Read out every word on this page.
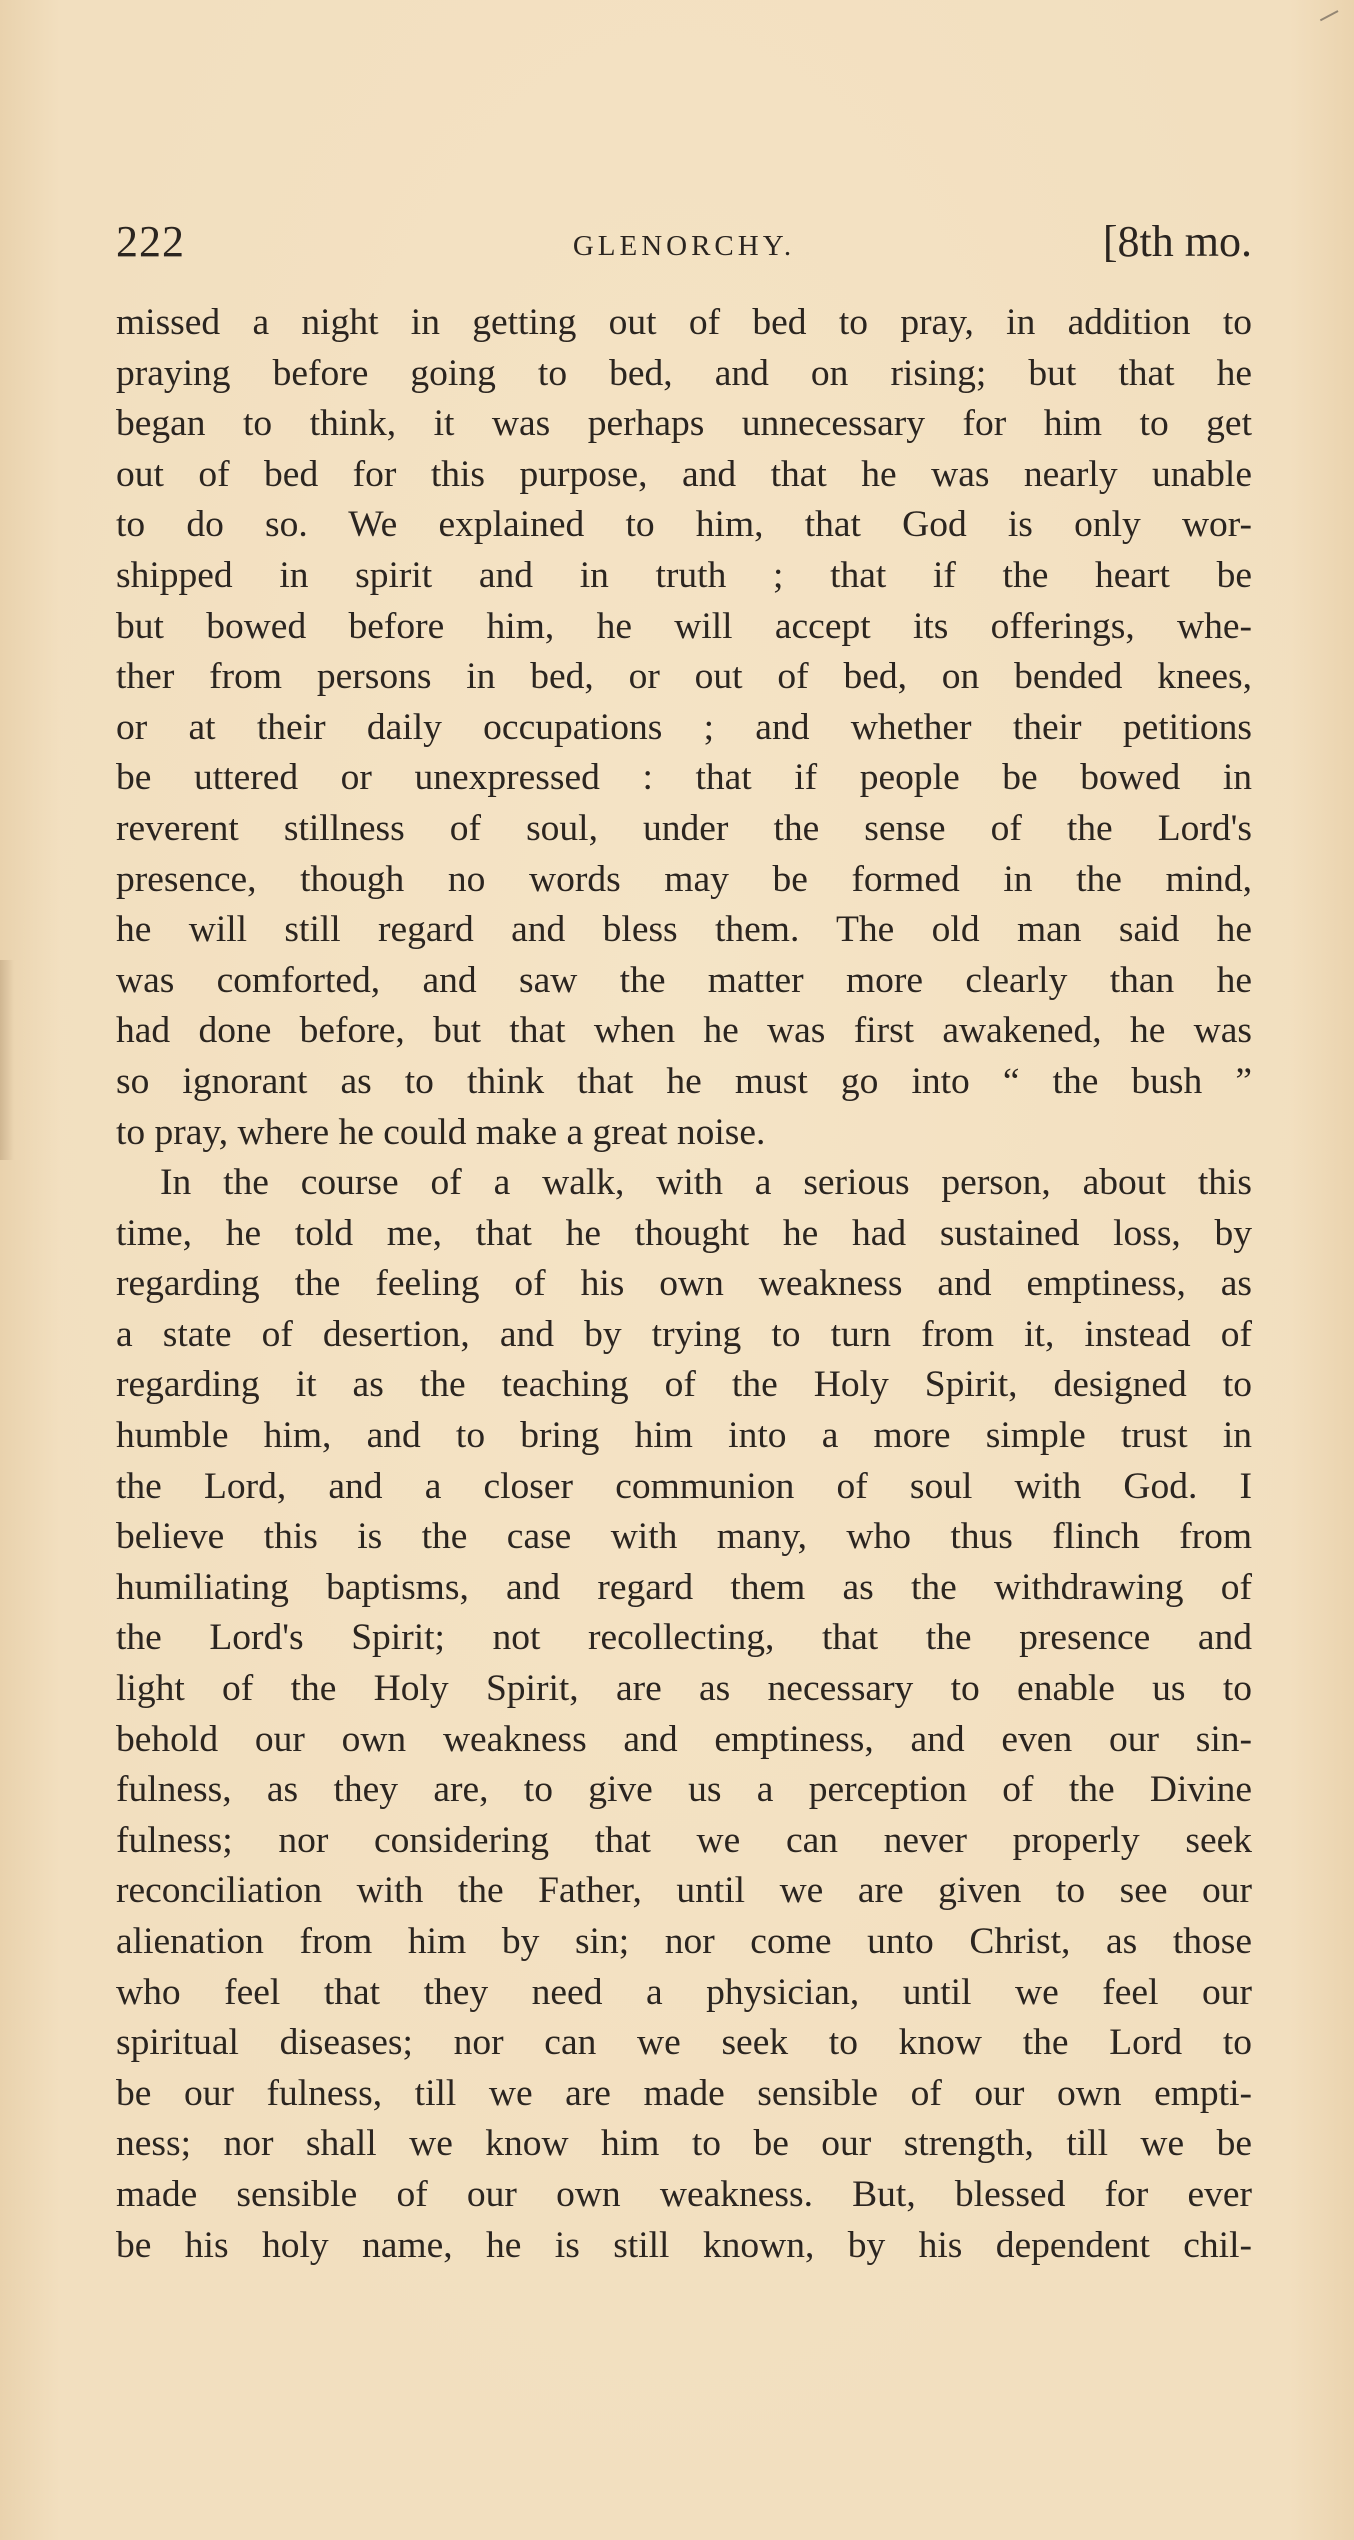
222	GLENORCHY.	[8th mo.
missed a night in getting out of bed to pray, in addition to
praying before going to bed, and on rising; but that he
began to think, it was perhaps unnecessary for him to get
out of bed for this purpose, and that he was nearly unable
to do so. We explained to him, that God is only wor-
shipped in spirit and in truth ; that if the heart be
but bowed before him, he will accept its offerings, whe-
ther from persons in bed, or out of bed, on bended knees,
or at their daily occupations ; and whether their petitions
be uttered or unexpressed : that if people be bowed in
reverent stillness of soul, under the sense of the Lord's
presence, though no words may be formed in the mind,
he will still regard and bless them. The old man said he
was comforted, and saw the matter more clearly than he
had done before, but that when he was first awakened, he was
so ignorant as to think that he must go into “ the bush ”
to pray, where he could make a great noise.
In the course of a walk, with a serious person, about this
time, he told me, that he thought he had sustained loss, by
regarding the feeling of his own weakness and emptiness, as
a state of desertion, and by trying to turn from it, instead of
regarding it as the teaching of the Holy Spirit, designed to
humble him, and to bring him into a more simple trust in
the Lord, and a closer communion of soul with God. I
believe this is the case with many, who thus flinch from
humiliating baptisms, and regard them as the withdrawing of
the Lord's Spirit; not recollecting, that the presence and
light of the Holy Spirit, are as necessary to enable us to
behold our own weakness and emptiness, and even our sin-
fulness, as they are, to give us a perception of the Divine
fulness; nor considering that we can never properly seek
reconciliation with the Father, until we are given to see our
alienation from him by sin; nor come unto Christ, as those
who feel that they need a physician, until we feel our
spiritual diseases; nor can we seek to know the Lord to
be our fulness, till we are made sensible of our own empti-
ness; nor shall we know him to be our strength, till we be
made sensible of our own weakness. But, blessed for ever
be his holy name, he is still known, by his dependent chil-
